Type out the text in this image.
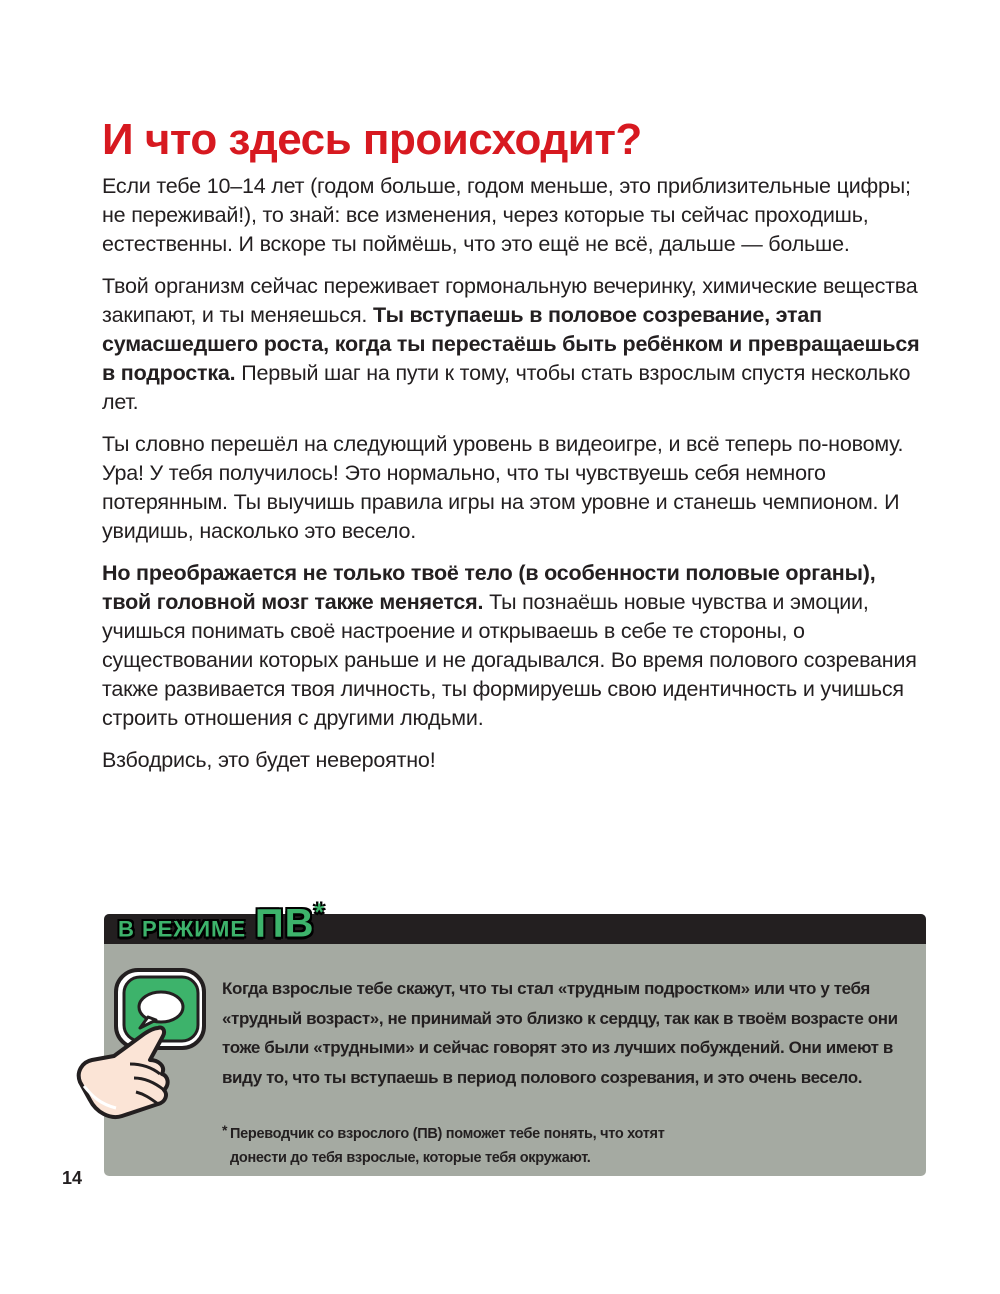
И что здесь происходит?

Если тебе 10–14 лет (годом больше, годом меньше, это приблизительные цифры; не переживай!), то знай: все изменения, через которые ты сейчас проходишь, естественны. И вскоре ты поймёшь, что это ещё не всё, дальше — больше.

Твой организм сейчас переживает гормональную вечеринку, химические вещества закипают, и ты меняешься. Ты вступаешь в половое созревание, этап сумасшедшего роста, когда ты перестаёшь быть ребёнком и превращаешься в подростка. Первый шаг на пути к тому, чтобы стать взрослым спустя несколько лет.

Ты словно перешёл на следующий уровень в видеоигре, и всё теперь по-новому. Ура! У тебя получилось! Это нормально, что ты чувствуешь себя немного потерянным. Ты выучишь правила игры на этом уровне и станешь чемпионом. И увидишь, насколько это весело.

Но преображается не только твоё тело (в особенности половые органы), твой головной мозг также меняется. Ты познаёшь новые чувства и эмоции, учишься понимать своё настроение и открываешь в себе те стороны, о существовании которых раньше и не догадывался. Во время полового созревания также развивается твоя личность, ты формируешь свою идентичность и учишься строить отношения с другими людьми.

Взбодрись, это будет невероятно!

В РЕЖИМЕ ПВ*
Когда взрослые тебе скажут, что ты стал «трудным подростком» или что у тебя «трудный возраст», не принимай это близко к сердцу, так как в твоём возрасте они тоже были «трудными» и сейчас говорят это из лучших побуждений. Они имеют в виду то, что ты вступаешь в период полового созревания, и это очень весело.
* Переводчик со взрослого (ПВ) поможет тебе понять, что хотят
донести до тебя взрослые, которые тебя окружают.
14
